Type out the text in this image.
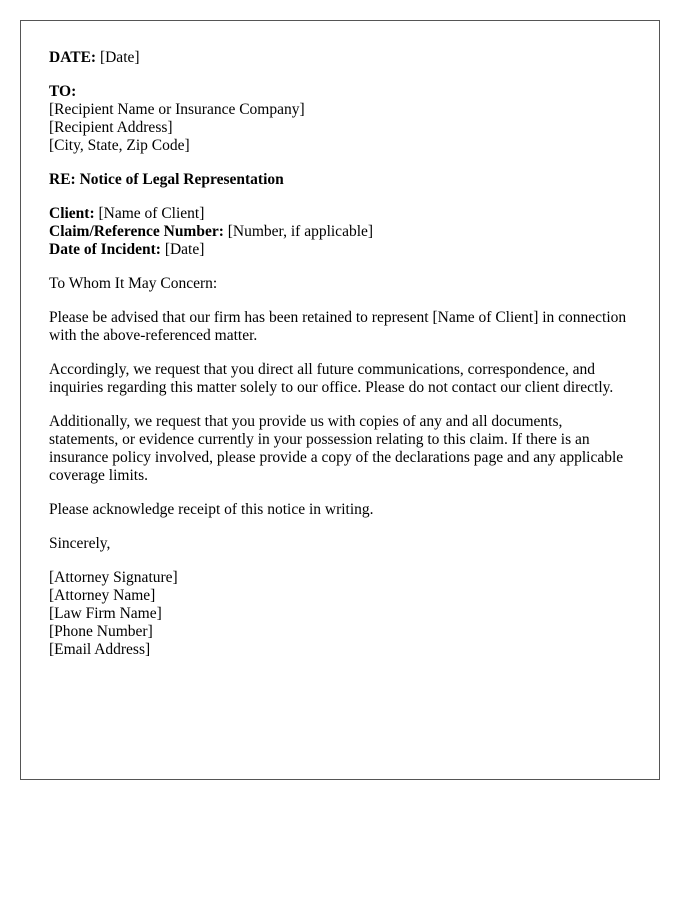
DATE: [Date]
TO:
[Recipient Name or Insurance Company]
[Recipient Address]
[City, State, Zip Code]
RE: Notice of Legal Representation
Client: [Name of Client]
Claim/Reference Number: [Number, if applicable]
Date of Incident: [Date]

To Whom It May Concern:

Please be advised that our firm has been retained to represent [Name of Client] in connection with the above-referenced matter.

Accordingly, we request that you direct all future communications, correspondence, and inquiries regarding this matter solely to our office. Please do not contact our client directly.

Additionally, we request that you provide us with copies of any and all documents, statements, or evidence currently in your possession relating to this claim. If there is an insurance policy involved, please provide a copy of the declarations page and any applicable coverage limits.

Please acknowledge receipt of this notice in writing.

Sincerely,

[Attorney Signature]
[Attorney Name]
[Law Firm Name]
[Phone Number]
[Email Address]
